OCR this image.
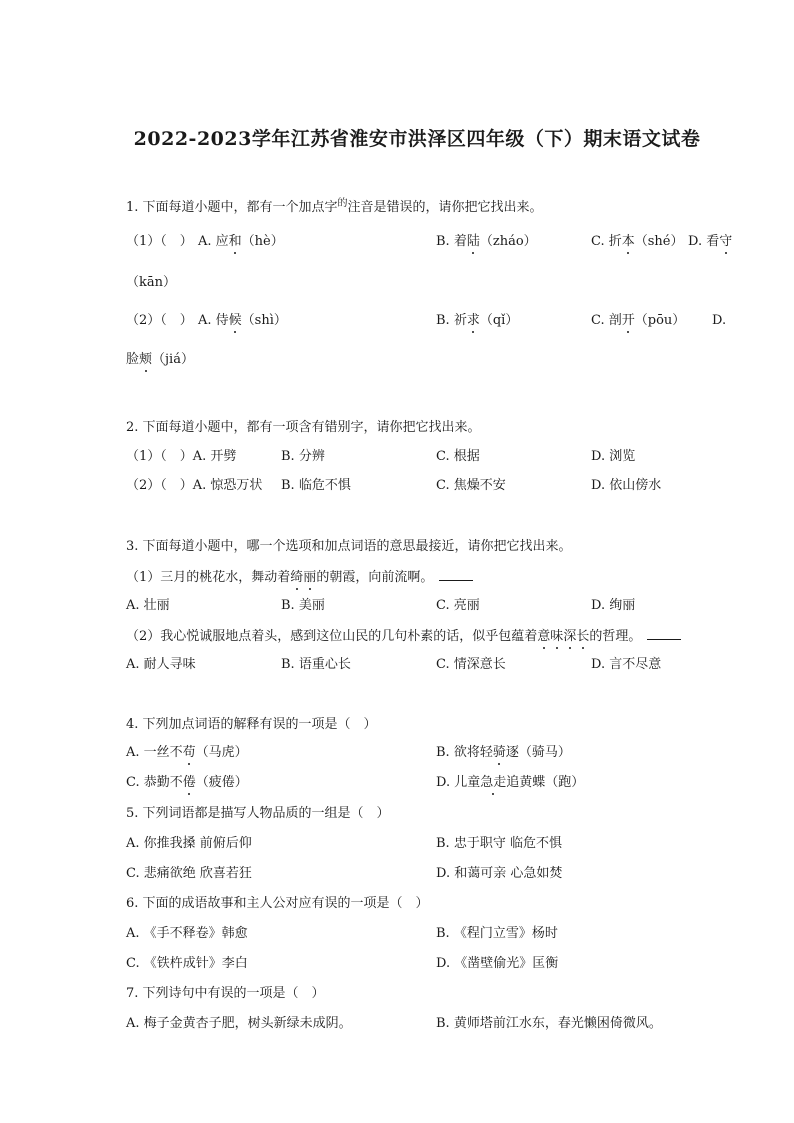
2022-2023学年江苏省淮安市洪泽区四年级（下）期末语文试卷
1. 下面每道小题中，都有一个加点字$^的$注音是错误的，请你把它找出来。
（1）（　） A. 应和（hè）	B. 着陆（zháo）	C. 折本（shé） D. 看守
（kān）
（2）（　） A. 侍候（shì）	B. 祈求（qǐ）	C. 剖开（pōu） D.
脸颊（jiá）
2. 下面每道小题中，都有一项含有错别字，请你把它找出来。
（1）（　）A. 开劈	B. 分辨	C. 根据	D. 浏览
（2）（　）A. 惊恐万状 B. 临危不惧	C. 焦燥不安	D. 依山傍水
3. 下面每道小题中，哪一个选项和加点词语的意思最接近，请你把它找出来。
（1）三月的桃花水，舞动着绮丽的朝霞，向前流啊。
A. 壮丽	B. 美丽	C. 亮丽	D. 绚丽
（2）我心悦诚服地点着头，感到这位山民的几句朴素的话，似乎包蕴着意味深长的哲理。
A. 耐人寻味	B. 语重心长	C. 情深意长	D. 言不尽意
4. 下列加点词语的解释有误的一项是（　）
A. 一丝不苟（马虎）	B. 欲将轻骑逐（骑马）
C. 恭勤不倦（疲倦）	D. 儿童急走追黄蝶（跑）
5. 下列词语都是描写人物品质的一组是（　）
A. 你推我搡 前俯后仰	B. 忠于职守 临危不惧
C. 悲痛欲绝 欣喜若狂	D. 和蔼可亲 心急如焚
6. 下面的成语故事和主人公对应有误的一项是（　）
A. 《手不释卷》韩愈	B. 《程门立雪》杨时
C. 《铁杵成针》李白	D. 《凿壁偷光》匡衡
7. 下列诗句中有误的一项是（　）
A. 梅子金黄杏子肥，树头新绿未成阴。	B. 黄师塔前江水东，春光懒困倚微风。
